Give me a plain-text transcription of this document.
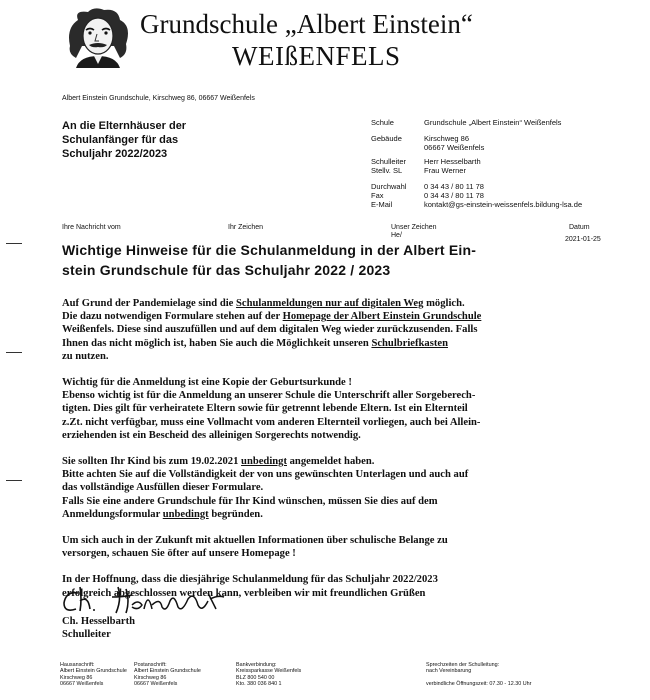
Grundschule „Albert Einstein“
WEIßENFELS
Albert Einstein Grundschule, Kirschweg 86, 06667 Weißenfels
An die Elternhäuser der
Schulanfänger für das
Schuljahr 2022/2023
Schule	Grundschule „Albert Einstein“ Weißenfels
Gebäude	Kirschweg 86
06667 Weißenfels
Schulleiter Herr Hesselbarth
Stellv. SL	Frau Werner
Durchwahl 0 34 43 / 80 11 78
Fax	0 34 43 / 80 11 78
E-Mail	kontakt@gs-einstein-weissenfels.bildung-lsa.de
Ihre Nachricht vom	Ihr Zeichen	Unser Zeichen
He/
Datum
2021-01-25
Wichtige Hinweise für die Schulanmeldung in der Albert Ein-
stein Grundschule für das Schuljahr 2022 / 2023

Auf Grund der Pandemielage sind die Schulanmeldungen nur auf digitalen Weg möglich.
Die dazu notwendigen Formulare stehen auf der Homepage der Albert Einstein Grundschule
Weißenfels. Diese sind auszufüllen und auf dem digitalen Weg wieder zurückzusenden. Falls
Ihnen das nicht möglich ist, haben Sie auch die Möglichkeit unseren Schulbriefkasten
zu nutzen.

Wichtig für die Anmeldung ist eine Kopie der Geburtsurkunde !
Ebenso wichtig ist für die Anmeldung an unserer Schule die Unterschrift aller Sorgeberech-
tigten. Dies gilt für verheiratete Eltern sowie für getrennt lebende Eltern. Ist ein Elternteil
z.Zt. nicht verfügbar, muss eine Vollmacht vom anderen Elternteil vorliegen, auch bei Allein-
erziehenden ist ein Bescheid des alleinigen Sorgerechts notwendig.

Sie sollten Ihr Kind bis zum 19.02.2021 unbedingt angemeldet haben.
Bitte achten Sie auf die Vollständigkeit der von uns gewünschten Unterlagen und auch auf
das vollständige Ausfüllen dieser Formulare.
Falls Sie eine andere Grundschule für Ihr Kind wünschen, müssen Sie dies auf dem
Anmeldungsformular unbedingt begründen.

Um sich auch in der Zukunft mit aktuellen Informationen über schulische Belange zu
versorgen, schauen Sie öfter auf unsere Homepage !

In der Hoffnung, dass die diesjährige Schulanmeldung für das Schuljahr 2022/2023
erfolgreich abgeschlossen werden kann, verbleiben wir mit freundlichen Grüßen

Ch. Hesselbarth
Schulleiter
Hausanschrift:
Albert Einstein Grundschule
Kirschweg 86
06667 Weißenfels
Postanschrift:
Albert Einstein Grundschule
Kirschweg 86
06667 Weißenfels
Bankverbindung:
Kreissparkasse Weißenfels
BLZ 800 540 00
Kto. 380 036 840 1
Sprechzeiten der Schulleitung:
nach Vereinbarung

verbindliche Öffnungszeit: 07.30 - 12.30 Uhr
